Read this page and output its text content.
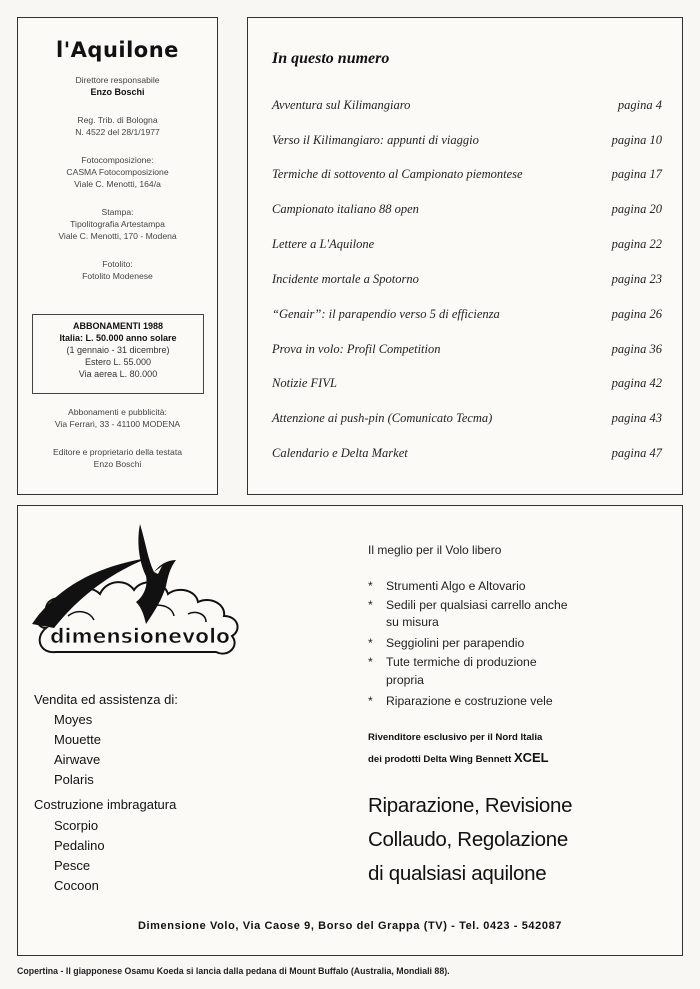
l'Aquilone
Direttore responsabile
Enzo Boschi
Reg. Trib. di Bologna
N. 4522 del 28/1/1977
Fotocomposizione:
CASMA Fotocomposizione
Viale C. Menotti, 164/a
Stampa:
Tipolitografia Artestampa
Viale C. Menotti, 170 - Modena
Fotolito:
Fotolito Modenese
ABBONAMENTI 1988
Italia: L. 50.000 anno solare
(1 gennaio - 31 dicembre)
Estero L. 55.000
Via aerea L. 80.000
Abbonamenti e pubblicità:
Via Ferrari, 33 - 41100 MODENA
Editore e proprietario della testata
Enzo Boschi
In questo numero
Avventura sul Kilimangiaro	pagina 4
Verso il Kilimangiaro: appunti di viaggio	pagina 10
Termiche di sottovento al Campionato piemontese	pagina 17
Campionato italiano 88 open	pagina 20
Lettere a L'Aquilone	pagina 22
Incidente mortale a Spotorno	pagina 23
“Genair”: il parapendio verso 5 di efficienza	pagina 26
Prova in volo: Profil Competition	pagina 36
Notizie FIVL	pagina 42
Attenzione ai push-pin (Comunicato Tecma)	pagina 43
Calendario e Delta Market	pagina 47
dimensionevolo
Vendita ed assistenza di:
Moyes
Mouette
Airwave
Polaris
Costruzione imbragatura
Scorpio
Pedalino
Pesce
Cocoon
Il meglio per il Volo libero
* Strumenti Algo e Altovario
* Sedili per qualsiasi carrello anche
su misura
* Seggiolini per parapendio
* Tute termiche di produzione
propria
* Riparazione e costruzione vele
Rivenditore esclusivo per il Nord Italia
dei prodotti Delta Wing Bennett XCEL
Riparazione, Revisione
Collaudo, Regolazione
di qualsiasi aquilone
Dimensione Volo, Via Caose 9, Borso del Grappa (TV) - Tel. 0423 - 542087
Copertina - Il giapponese Osamu Koeda si lancia dalla pedana di Mount Buffalo (Australia, Mondiali 88).
